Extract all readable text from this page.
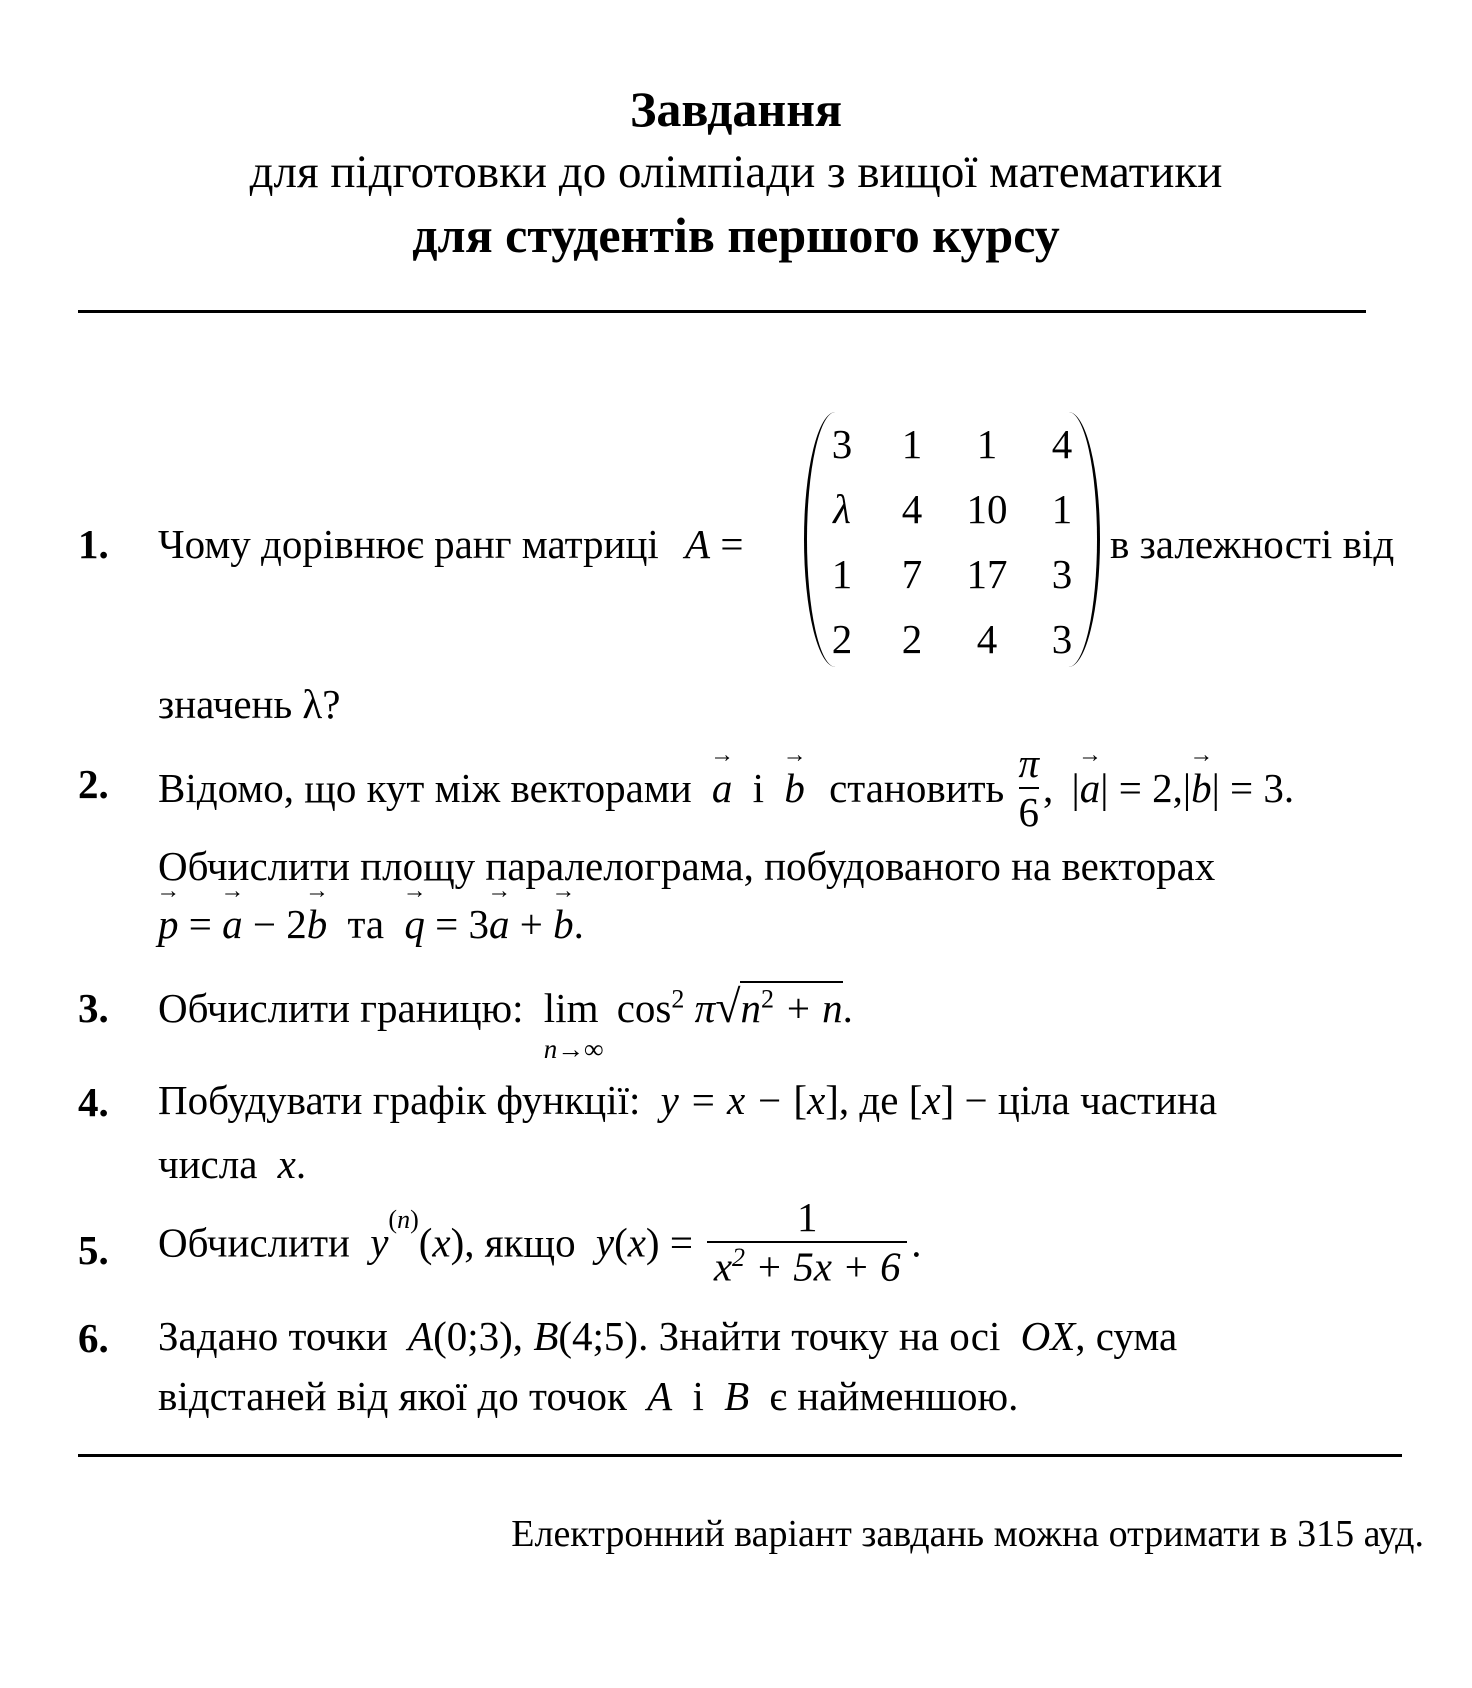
Завдання
для підготовки до олімпіади з вищої математики
для студентів першого курсу
1. Чому дорівнює ранг матриці A =
3	1	1	4
λ	4	10	1
1	7	17	3
2	2	4	3
в залежності від
значень λ?
2. Відомо, що кут між векторами → a і → b становить $\frac{\pi}{6}$ , |→ a| = 2,|→ b| = 3.
Обчислити площу паралелограма, побудованого на векторах
→ p = → a − 2→ b та → q = 3→ a + → b.
3. Обчислити границю: lim
n→∞
$\cos^2 \pi√n^2 + n$.
4. Побудувати графік функції: y = x − [x], де [x] − ціла частина
числа x.
5. Обчислити $y^{(n)}(x)$, якщо $y(x) = \frac{1}{x^2 + 5x + 6}$ .
6. Задано точки A(0;3), B(4;5). Знайти точку на осі OX, сума
відстаней від якої до точок A і B є найменшою.
Електронний варіант завдань можна отримати в 315 ауд.
